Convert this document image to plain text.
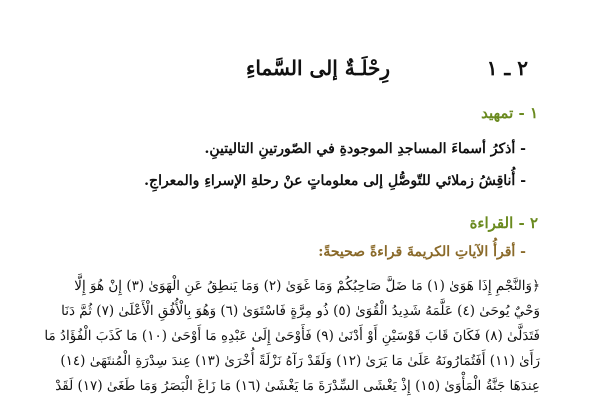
٢ ـ ١
رِحْلَـةٌ إلى السَّماءِ
١ - تمهيد
- أذكرُ أسماءَ المساجدِ الموجودةِ في الصّورتينِ التاليتينِ.
- أُناقِشُ زملائي للتّوصُّلِ إلى معلوماتٍ عنْ رحلةِ الإسراءِ والمعراجِ.
٢ - القراءة
- أقرأُ الآياتِ الكريمةَ قراءةً صحيحةً:
﴿وَالنَّجْمِ إِذَا هَوَىٰ (١) مَا ضَلَّ صَاحِبُكُمْ وَمَا غَوَىٰ (٢) وَمَا يَنطِقُ عَنِ الْهَوَىٰ (٣) إِنْ هُوَ إِلَّا
وَحْيٌ يُوحَىٰ (٤) عَلَّمَهُ شَدِيدُ الْقُوَىٰ (٥) ذُو مِرَّةٍ فَاسْتَوَىٰ (٦) وَهُوَ بِالْأُفُقِ الْأَعْلَىٰ (٧) ثُمَّ دَنَا
فَتَدَلَّىٰ (٨) فَكَانَ قَابَ قَوْسَيْنِ أَوْ أَدْنَىٰ (٩) فَأَوْحَىٰ إِلَىٰ عَبْدِهِ مَا أَوْحَىٰ (١٠) مَا كَذَبَ الْفُؤَادُ مَا
رَأَىٰ (١١) أَفَتُمَارُونَهُ عَلَىٰ مَا يَرَىٰ (١٢) وَلَقَدْ رَآهُ نَزْلَةً أُخْرَىٰ (١٣) عِندَ سِدْرَةِ الْمُنتَهَىٰ (١٤)
عِندَهَا جَنَّةُ الْمَأْوَىٰ (١٥) إِذْ يَغْشَى السِّدْرَةَ مَا يَغْشَىٰ (١٦) مَا زَاغَ الْبَصَرُ وَمَا طَغَىٰ (١٧) لَقَدْ
